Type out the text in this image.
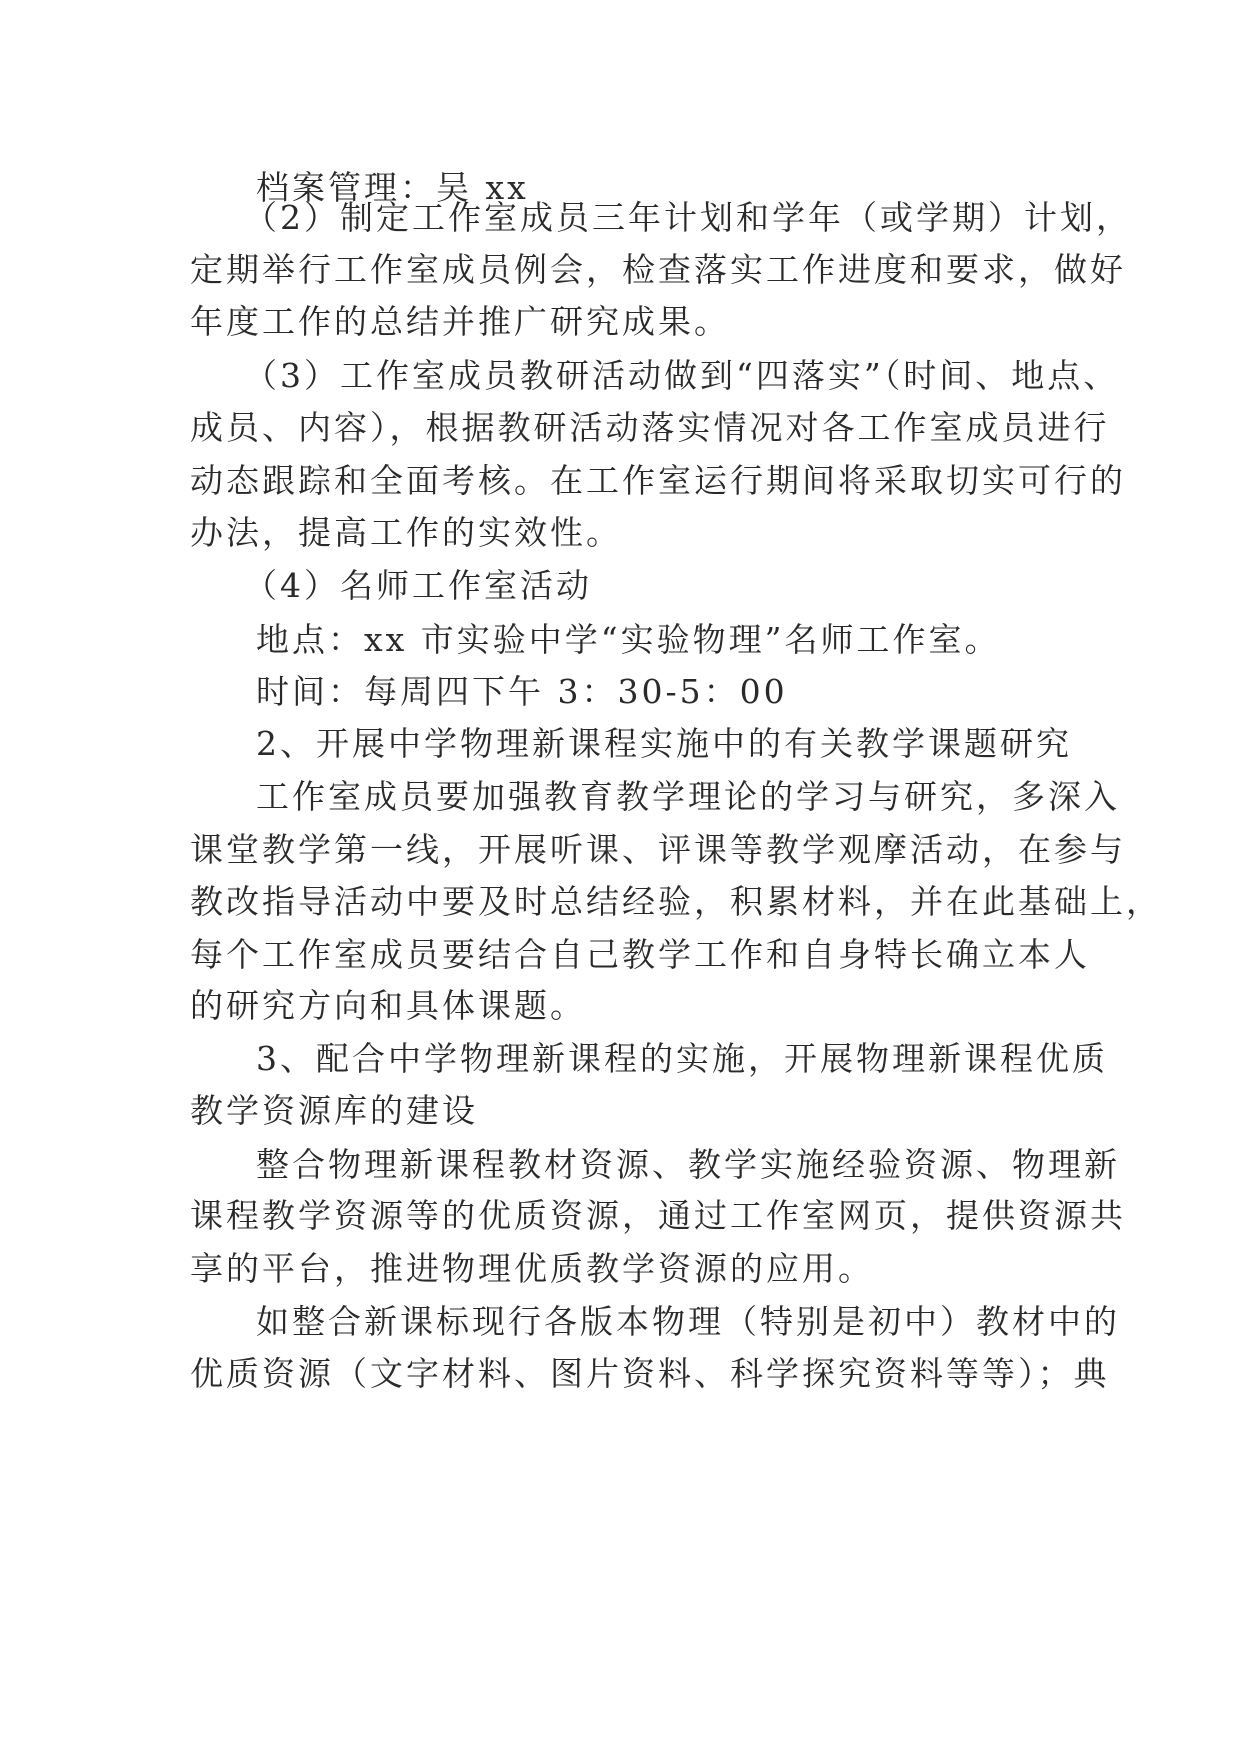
档案管理：吴 xx

（2）制定工作室成员三年计划和学年（或学期）计划，

定期举行工作室成员例会，检查落实工作进度和要求，做好

年度工作的总结并推广研究成果。

（3）工作室成员教研活动做到“四落实”（时间、地点、

成员、内容），根据教研活动落实情况对各工作室成员进行

动态跟踪和全面考核。在工作室运行期间将采取切实可行的

办法，提高工作的实效性。

（4）名师工作室活动

地点：xx 市实验中学“实验物理”名师工作室。

时间：每周四下午 3：30-5：00

2、开展中学物理新课程实施中的有关教学课题研究

工作室成员要加强教育教学理论的学习与研究，多深入

课堂教学第一线，开展听课、评课等教学观摩活动，在参与

教改指导活动中要及时总结经验，积累材料，并在此基础上，

每个工作室成员要结合自己教学工作和自身特长确立本人

的研究方向和具体课题。

3、配合中学物理新课程的实施，开展物理新课程优质

教学资源库的建设

整合物理新课程教材资源、教学实施经验资源、物理新

课程教学资源等的优质资源，通过工作室网页，提供资源共

享的平台，推进物理优质教学资源的应用。

如整合新课标现行各版本物理（特别是初中）教材中的

优质资源（文字材料、图片资料、科学探究资料等等）；典
